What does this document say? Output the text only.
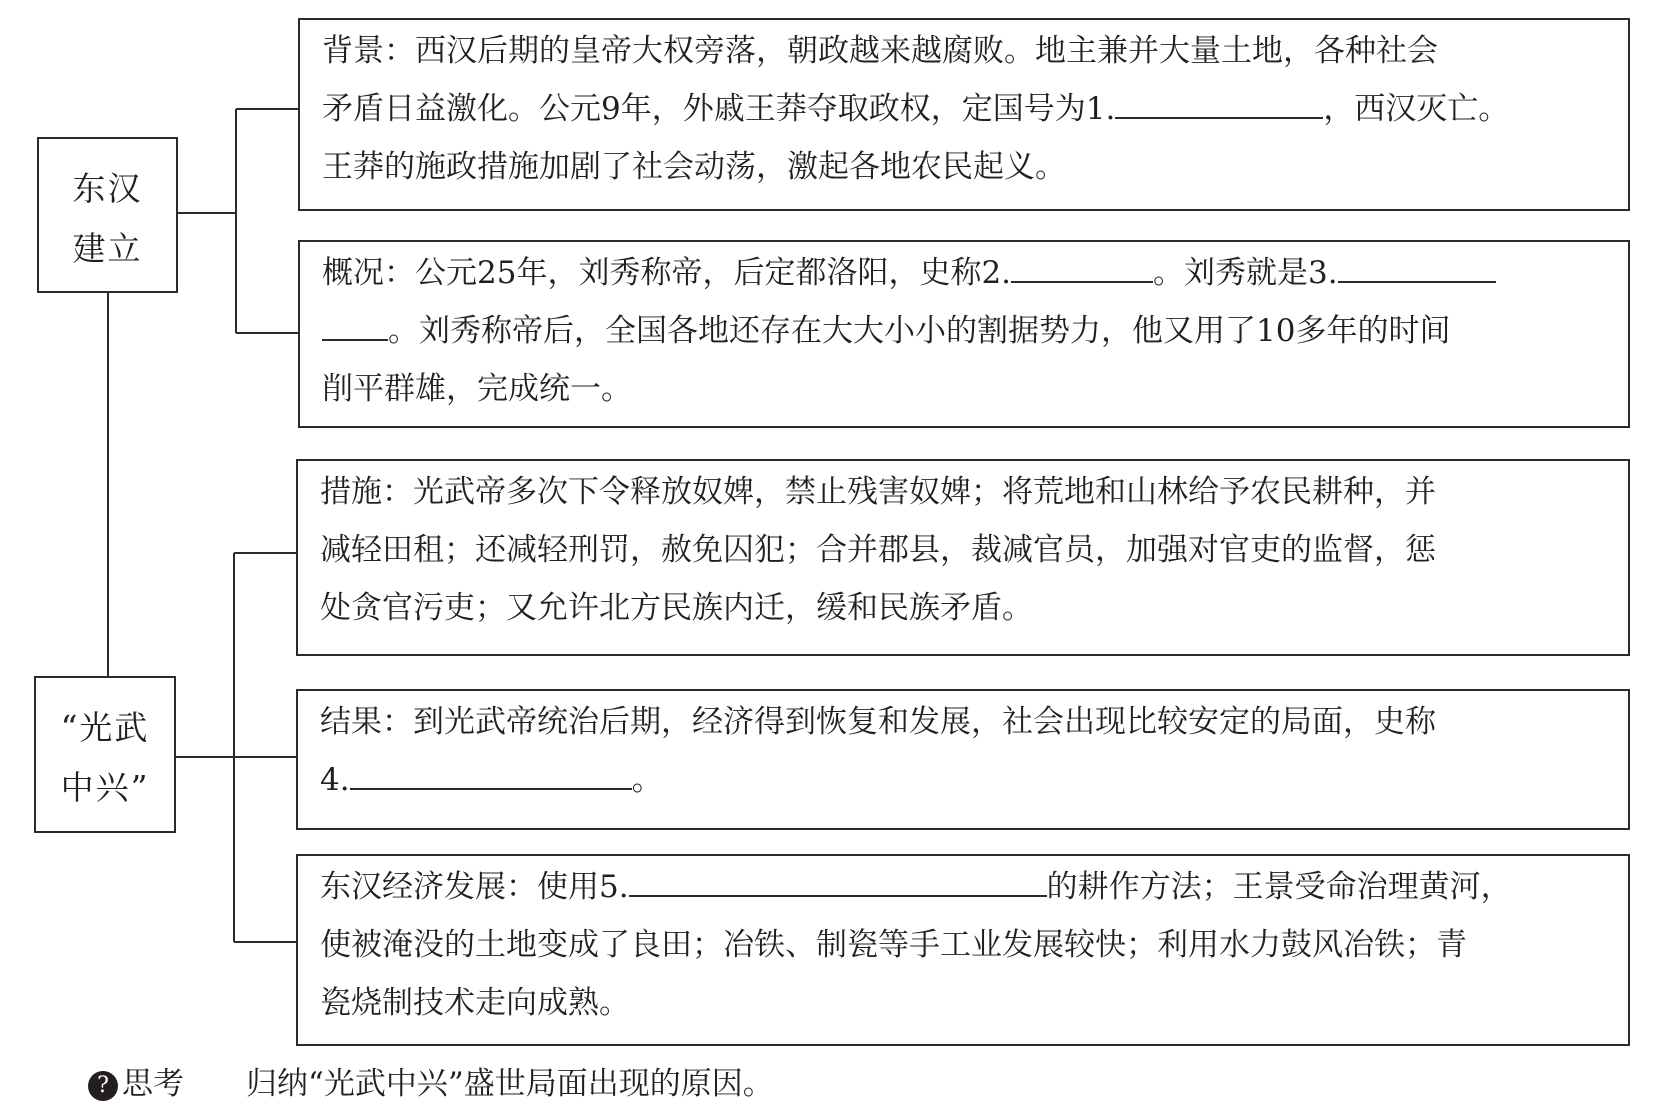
东汉
建立
“光武
中兴”

背景：西汉后期的皇帝大权旁落，朝政越来越腐败。地主兼并大量土地，各种社会

矛盾日益激化。公元9年，外戚王莽夺取政权，定国号为1.	，西汉灭亡。

王莽的施政措施加剧了社会动荡，激起各地农民起义。

概况：公元25年，刘秀称帝，后定都洛阳，史称2.	。刘秀就是3.

。刘秀称帝后，全国各地还存在大大小小的割据势力，他又用了10多年的时间

削平群雄，完成统一。

措施：光武帝多次下令释放奴婢，禁止残害奴婢；将荒地和山林给予农民耕种，并

减轻田租；还减轻刑罚，赦免囚犯；合并郡县，裁减官员，加强对官吏的监督，惩

处贪官污吏；又允许北方民族内迁，缓和民族矛盾。

结果：到光武帝统治后期，经济得到恢复和发展，社会出现比较安定的局面，史称

4.	。

东汉经济发展：使用5.	的耕作方法；王景受命治理黄河，

使被淹没的土地变成了良田；冶铁、制瓷等手工业发展较快；利用水力鼓风冶铁；青

瓷烧制技术走向成熟。

? 思考　　归纳“光武中兴”盛世局面出现的原因。
